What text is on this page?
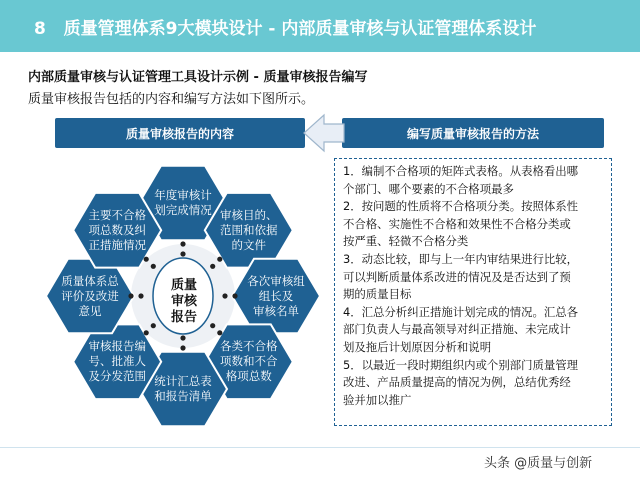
8 质量管理体系9大模块设计 - 内部质量审核与认证管理体系设计
内部质量审核与认证管理工具设计示例 - 质量审核报告编写
质量审核报告包括的内容和编写方法如下图所示。
质量审核报告的内容	编写质量审核报告的方法
年度审核计
划完成情况 审核目的、
范围和依据
的文件
各次审核组
组长及
审核名单
各类不合格
项数和不合
格项总数
统计汇总表
和报告清单
审核报告编
号、批准人
及分发范围
质量体系总
评价及改进
意见
主要不合格
项总数及纠
正措施情况
质量
审核
报告
1．编制不合格项的矩阵式表格。从表格看出哪
个部门、哪个要素的不合格项最多
2．按问题的性质将不合格项分类。按照体系性
不合格、实施性不合格和效果性不合格分类或
按严重、轻微不合格分类
3．动态比较，即与上一年内审结果进行比较，
可以判断质量体系改进的情况及是否达到了预
期的质量目标
4．汇总分析纠正措施计划完成的情况。汇总各
部门负责人与最高领导对纠正措施、未完成计
划及拖后计划原因分析和说明
5．以最近一段时期组织内或个别部门质量管理
改进、产品质量提高的情况为例，总结优秀经
验并加以推广
头条 @质量与创新
